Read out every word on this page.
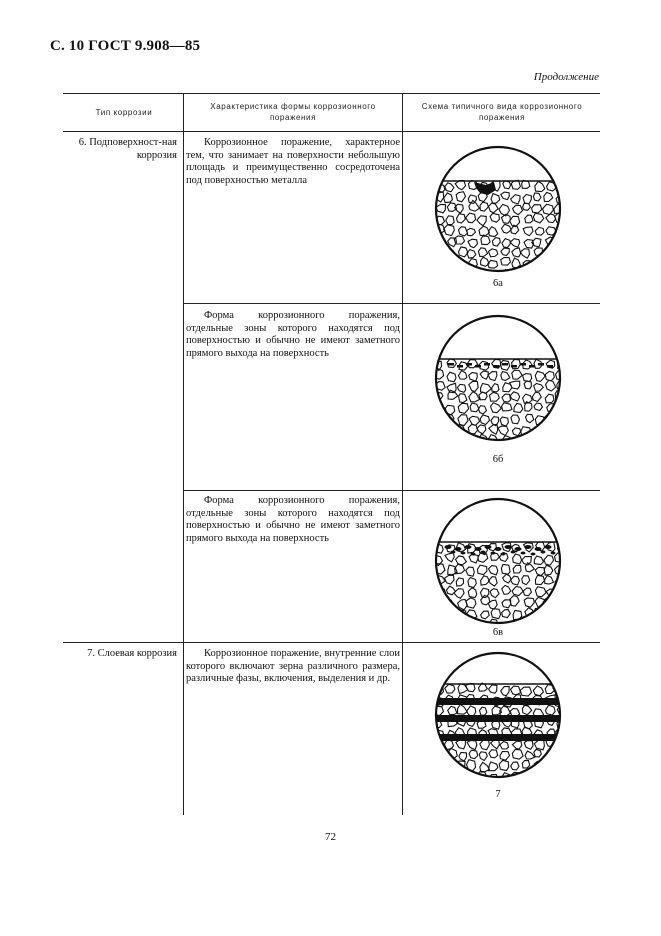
С. 10 ГОСТ 9.908—85
Продолжение
Тип коррозии
Характеристика формы коррозионного поражения
Схема типичного вида коррозионного поражения
6. Подповерхност-ная коррозия
Коррозионное поражение, характерное тем, что занимает на поверхности небольшую площадь и преимущественно сосредоточена под поверхностью металла
Форма коррозионного поражения, отдельные зоны которого находятся под поверхностью и обычно не имеют заметного прямого выхода на поверхность
Форма коррозионного поражения, отдельные зоны которого находятся под поверхностью и обычно не имеют заметного прямого выхода на поверхность
7. Слоевая коррозия	Коррозионное поражение, внутренние слои которого включают зерна различного размера, различные фазы, включения, выделения и др.
6а
6б
6в
7
72
